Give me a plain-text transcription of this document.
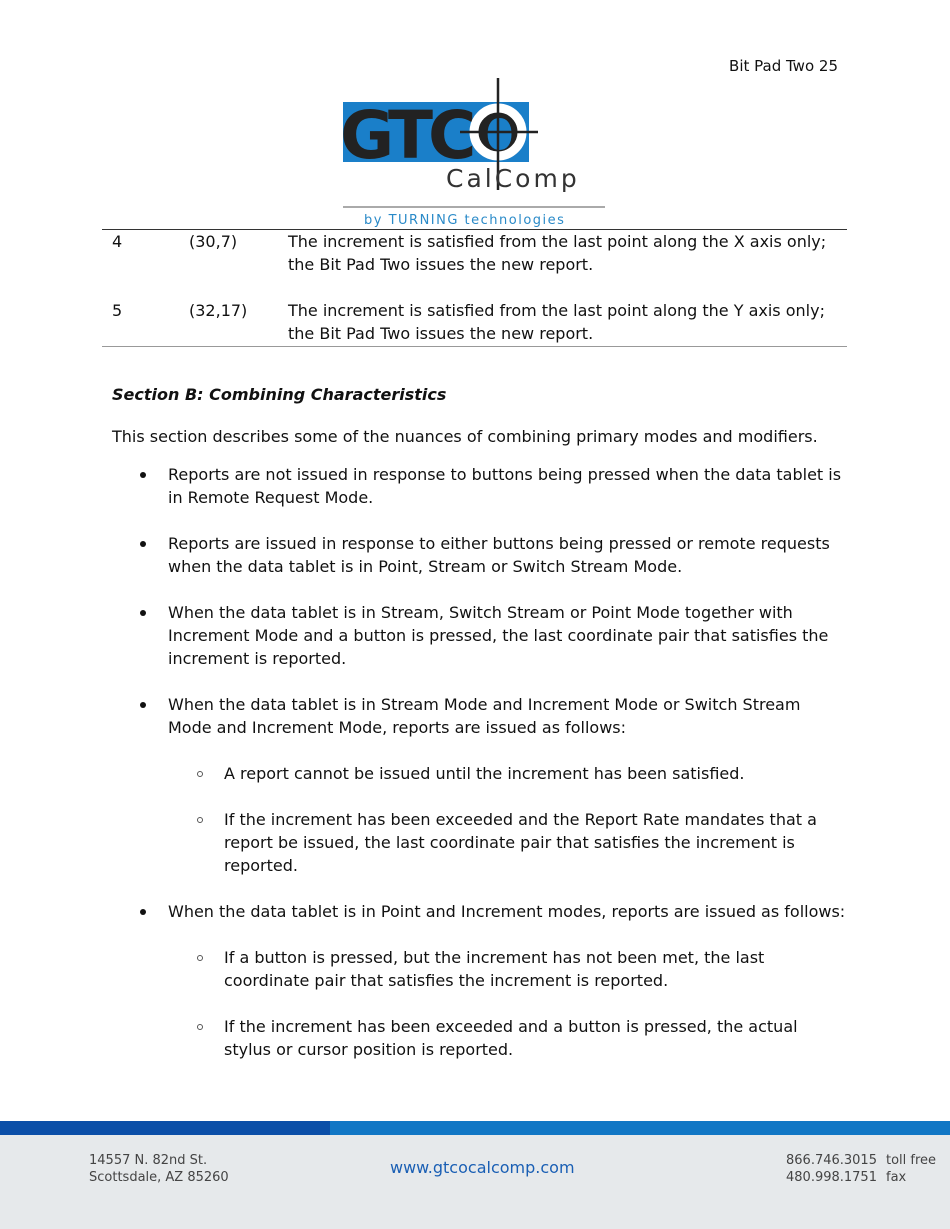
Bit Pad Two 25
GTCO
CalComp
by TURNING technologies
4	(30,7)	The increment is satisfied from the last point along the X axis only; the Bit Pad Two issues the new report.
5	(32,17)	The increment is satisfied from the last point along the Y axis only; the Bit Pad Two issues the new report.
Section B: Combining Characteristics
This section describes some of the nuances of combining primary modes and modifiers.
Reports are not issued in response to buttons being pressed when the data tablet is in Remote Request Mode.
Reports are issued in response to either buttons being pressed or remote requests when the data tablet is in Point, Stream or Switch Stream Mode.
When the data tablet is in Stream, Switch Stream or Point Mode together with Increment Mode and a button is pressed, the last coordinate pair that satisfies the increment is reported.
When the data tablet is in Stream Mode and Increment Mode or Switch Stream Mode and Increment Mode, reports are issued as follows:
A report cannot be issued until the increment has been satisfied.
If the increment has been exceeded and the Report Rate mandates that a report be issued, the last coordinate pair that satisfies the increment is reported.
When the data tablet is in Point and Increment modes, reports are issued as follows:
If a button is pressed, but the increment has not been met, the last coordinate pair that satisfies the increment is reported.
If the increment has been exceeded and a button is pressed, the actual stylus or cursor position is reported.
14557 N. 82nd St.
Scottsdale, AZ 85260
www.gtcocalcomp.com	866.746.3015 toll free
480.998.1751 fax
